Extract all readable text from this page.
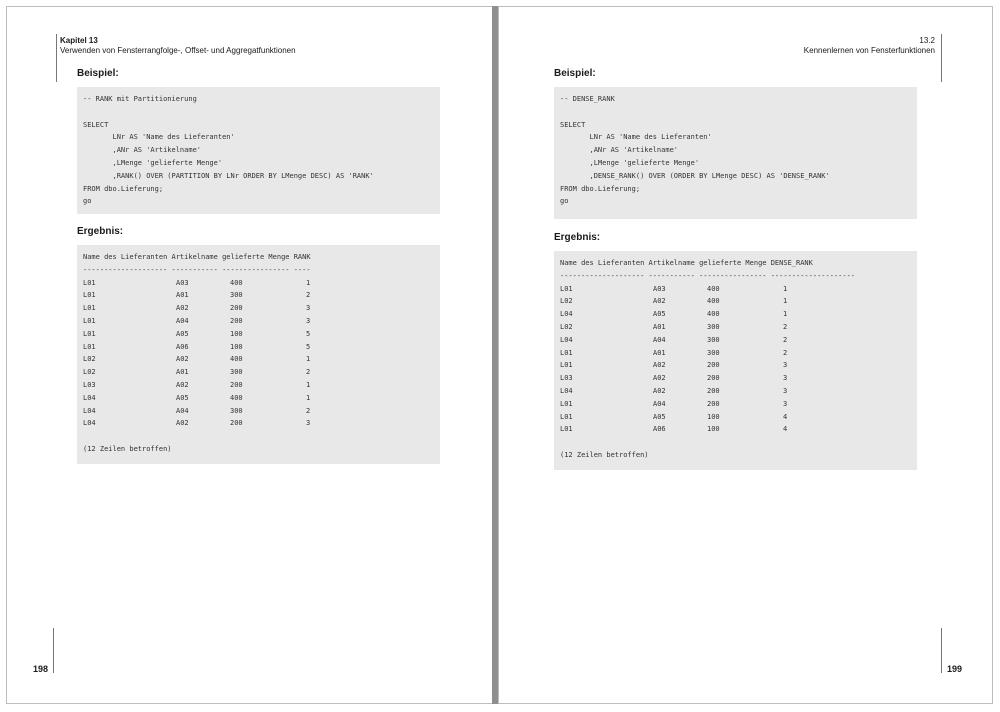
Kapitel 13
Verwenden von Fensterrangfolge-, Offset- und Aggregatfunktionen
Beispiel:
-- RANK mit Partitionierung
SELECT
LNr AS 'Name des Lieferanten'
,ANr AS 'Artikelname'
,LMenge 'gelieferte Menge'
,RANK() OVER (PARTITION BY LNr ORDER BY LMenge DESC) AS 'RANK'
FROM dbo.Lieferung;
go
Ergebnis:
Name des Lieferanten Artikelname gelieferte Menge RANK
-------------------- ----------- ---------------- ----
L01	A03	400	1
L01	A01	300	2
L01	A02	200	3
L01	A04	200	3
L01	A05	100	5
L01	A06	100	5
L02	A02	400	1
L02	A01	300	2
L03	A02	200	1
L04	A05	400	1
L04	A04	300	2
L04	A02	200	3
(12 Zeilen betroffen)
198
13.2
Kennenlernen von Fensterfunktionen
Beispiel:
-- DENSE_RANK
SELECT
LNr AS 'Name des Lieferanten'
,ANr AS 'Artikelname'
,LMenge 'gelieferte Menge'
,DENSE_RANK() OVER (ORDER BY LMenge DESC) AS 'DENSE_RANK'
FROM dbo.Lieferung;
go
Ergebnis:
Name des Lieferanten Artikelname gelieferte Menge DENSE_RANK
-------------------- ----------- ---------------- --------------------
L01	A03	400	1
L02	A02	400	1
L04	A05	400	1
L02	A01	300	2
L04	A04	300	2
L01	A01	300	2
L01	A02	200	3
L03	A02	200	3
L04	A02	200	3
L01	A04	200	3
L01	A05	100	4
L01	A06	100	4
(12 Zeilen betroffen)
199
